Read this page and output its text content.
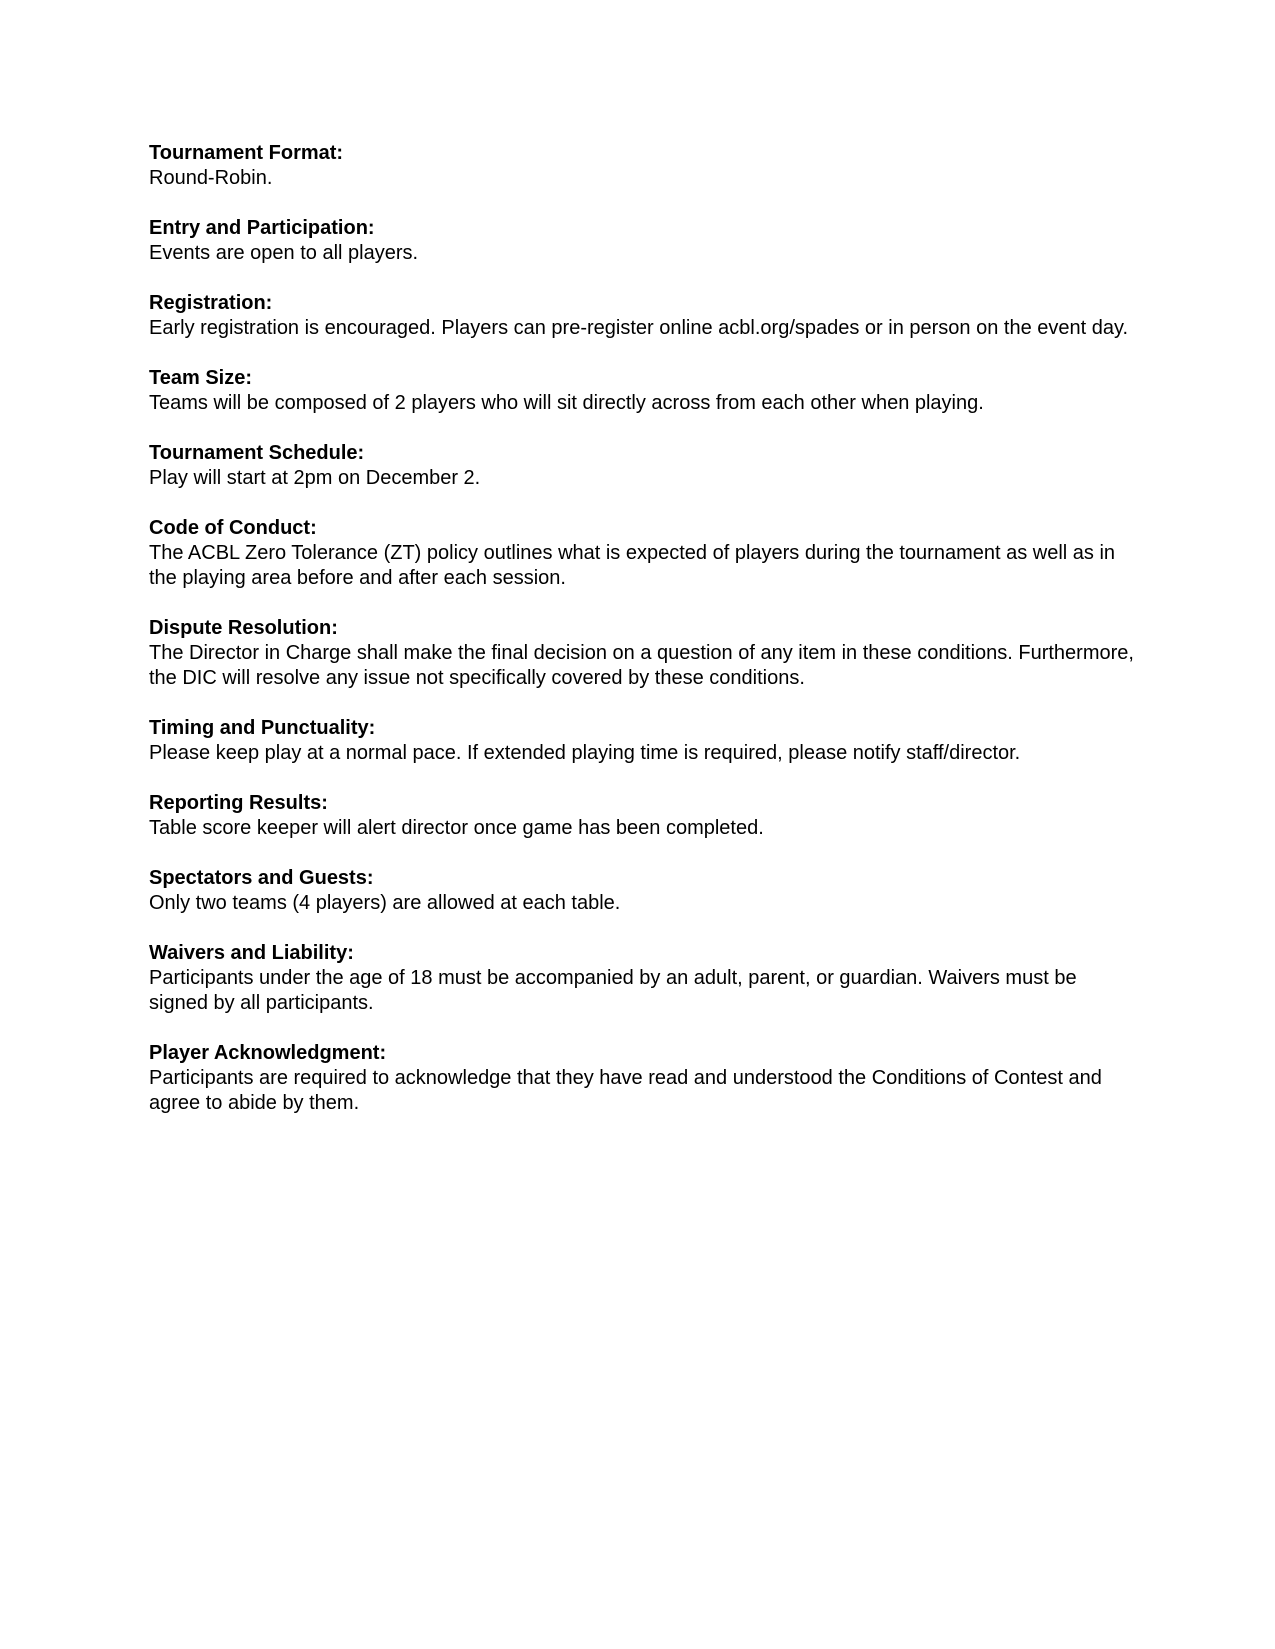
Tournament Format:
Round-Robin.
Entry and Participation:
Events are open to all players.
Registration:
Early registration is encouraged. Players can pre-register online acbl.org/spades or in person on the event day.
Team Size:
Teams will be composed of 2 players who will sit directly across from each other when playing.
Tournament Schedule:
Play will start at 2pm on December 2.
Code of Conduct:
The ACBL Zero Tolerance (ZT) policy outlines what is expected of players during the tournament as well as in the playing area before and after each session.
Dispute Resolution:
The Director in Charge shall make the final decision on a question of any item in these conditions. Furthermore, the DIC will resolve any issue not specifically covered by these conditions.
Timing and Punctuality:
Please keep play at a normal pace. If extended playing time is required, please notify staff/director.
Reporting Results:
Table score keeper will alert director once game has been completed.
Spectators and Guests:
Only two teams (4 players) are allowed at each table.
Waivers and Liability:
Participants under the age of 18 must be accompanied by an adult, parent, or guardian. Waivers must be signed by all participants.
Player Acknowledgment:
Participants are required to acknowledge that they have read and understood the Conditions of Contest and agree to abide by them.
